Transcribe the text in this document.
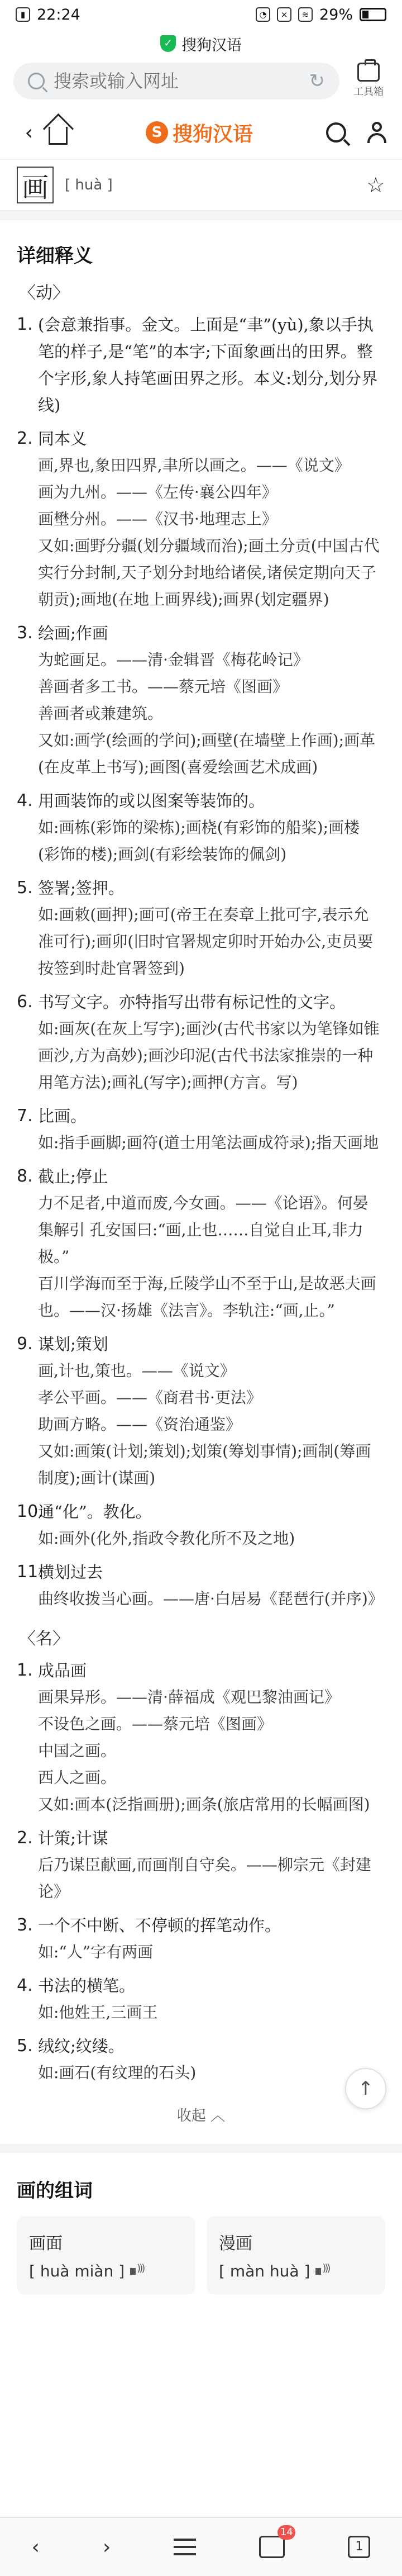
▮ 22:24	◔	×	≋ 29%
✓ 搜狗汉语
搜索或输入网址
↻	工具箱
‹	S 搜狗汉语
画	[ huà ]	☆
详细释义
〈动〉
1. (会意兼指事。金文。上面是“聿”(yù),象以手执笔的样子,是“笔”的本字;下面象画出的田界。整个字形,象人持笔画田界之形。本义:划分,划分界线)
2. 同本义
画,界也,象田四界,聿所以画之。——《说文》
画为九州。——《左传·襄公四年》
画壄分州。——《汉书·地理志上》
又如:画野分疆(划分疆域而治);画土分贡(中国古代实行分封制,天子划分封地给诸侯,诸侯定期向天子朝贡);画地(在地上画界线);画界(划定疆界)
3. 绘画;作画
为蛇画足。——清·金辑晋《梅花岭记》
善画者多工书。——蔡元培《图画》
善画者或兼建筑。
又如:画学(绘画的学问);画壁(在墙壁上作画);画革(在皮革上书写);画图(喜爱绘画艺术成画)
4. 用画装饰的或以图案等装饰的。
如:画栋(彩饰的梁栋);画桡(有彩饰的船桨);画楼(彩饰的楼);画剑(有彩绘装饰的佩剑)
5. 签署;签押。
如:画敕(画押);画可(帝王在奏章上批可字,表示允准可行);画卯(旧时官署规定卯时开始办公,吏员要按签到时赴官署签到)
6. 书写文字。亦特指写出带有标记性的文字。
如:画灰(在灰上写字);画沙(古代书家以为笔锋如锥画沙,方为高妙);画沙印泥(古代书法家推崇的一种用笔方法);画礼(写字);画押(方言。写)
7. 比画。
如:指手画脚;画符(道士用笔法画成符录);指天画地
8. 截止;停止
力不足者,中道而废,今女画。——《论语》。何晏集解引 孔安国曰:“画,止也……自觉自止耳,非力极。”
百川学海而至于海,丘陵学山不至于山,是故恶夫画也。——汉·扬雄《法言》。李轨注:“画,止。”
9. 谋划;策划
画,计也,策也。——《说文》
孝公平画。——《商君书·更法》
助画方略。——《资治通鉴》
又如:画策(计划;策划);划策(筹划事情);画制(筹画制度);画计(谋画)
10.
通“化”。教化。
如:画外(化外,指政令教化所不及之地)
11.
横划过去
曲终收拨当心画。——唐·白居易《琵琶行(并序)》
〈名〉
1. 成品画
画果异形。——清·薛福成《观巴黎油画记》
不设色之画。——蔡元培《图画》
中国之画。
西人之画。
又如:画本(泛指画册);画条(旅店常用的长幅画图)
2. 计策;计谋
后乃谋臣献画,而画削自守矣。——柳宗元《封建论》
3. 一个不中断、不停顿的挥笔动作。
如:“人”字有两画
4. 书法的横笔。
如:他姓王,三画王
5. 绒纹;纹缕。
如:画石(有纹理的石头)
收起 ︿
↑
画的组词
画面
[ huà miàn ]
)))
漫画
[ màn huà ]
)))
‹	›
14
1
